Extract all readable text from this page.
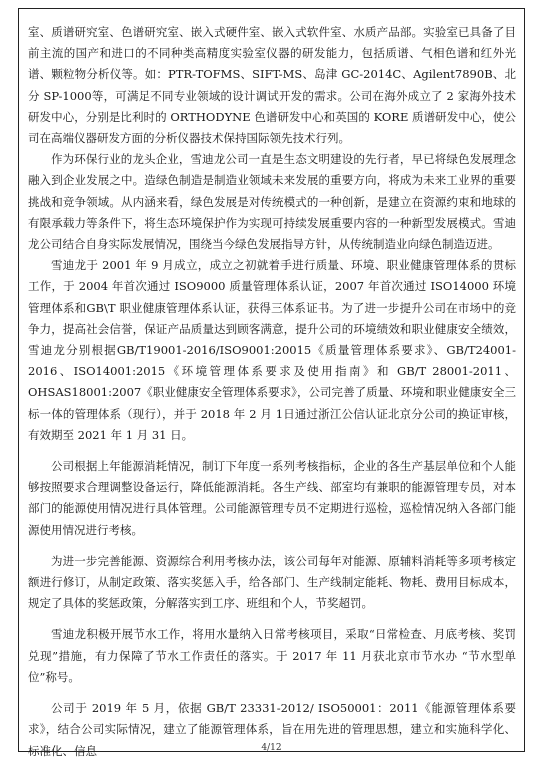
室、质谱研究室、色谱研究室、嵌入式硬件室、嵌入式软件室、水质产品部。实验室已具备了目前主流的国产和进口的不同种类高精度实验室仪器的研发能力，包括质谱、气相色谱和红外光谱、颗粒物分析仪等。如：PTR-TOFMS、SIFT-MS、岛津 GC-2014C、Agilent7890B、北分 SP-1000等，可满足不同专业领域的设计调试开发的需求。公司在海外成立了 2 家海外技术研发中心，分别是比利时的 ORTHODYNE 色谱研发中心和英国的 KORE 质谱研发中心，使公司在高端仪器研发方面的分析仪器技术保持国际领先技术行列。

作为环保行业的龙头企业，雪迪龙公司一直是生态文明建设的先行者，早已将绿色发展理念融入到企业发展之中。造绿色制造是制造业领域未来发展的重要方向，将成为未来工业界的重要挑战和竞争领域。从内涵来看，绿色发展是对传统模式的一种创新，是建立在资源约束和地球的有限承载力等条件下，将生态环境保护作为实现可持续发展重要内容的一种新型发展模式。雪迪龙公司结合自身实际发展情况，围绕当今绿色发展指导方针，从传统制造业向绿色制造迈进。

雪迪龙于 2001 年 9 月成立，成立之初就着手进行质量、环境、职业健康管理体系的贯标工作，于 2004 年首次通过 ISO9000 质量管理体系认证，2007 年首次通过 ISO14000 环境管理体系和GB\T 职业健康管理体系认证，获得三体系证书。为了进一步提升公司在市场中的竞争力，提高社会信誉，保证产品质量达到顾客满意，提升公司的环境绩效和职业健康安全绩效，雪迪龙分别根据GB/T19001-2016/ISO9001:20015《质量管理体系要求》、GB/T24001-2016、ISO14001:2015《环境管理体系要求及使用指南》和 GB/T 28001-2011、OHSAS18001:2007《职业健康安全管理体系要求》，公司完善了质量、环境和职业健康安全三标一体的管理体系（现行），并于 2018 年 2 月 1日通过浙江公信认证北京分公司的换证审核，有效期至 2021 年 1 月 31 日。

公司根据上年能源消耗情况，制订下年度一系列考核指标，企业的各生产基层单位和个人能够按照要求合理调整设备运行，降低能源消耗。各生产线、部室均有兼职的能源管理专员，对本部门的能源使用情况进行具体管理。公司能源管理专员不定期进行巡检，巡检情况纳入各部门能源使用情况进行考核。

为进一步完善能源、资源综合利用考核办法，该公司每年对能源、原辅料消耗等多项考核定额进行修订，从制定政策、落实奖惩入手，给各部门、生产线制定能耗、物耗、费用目标成本，规定了具体的奖惩政策，分解落实到工序、班组和个人，节奖超罚。

雪迪龙积极开展节水工作，将用水量纳入日常考核项目，采取“日常检查、月底考核、奖罚兑现”措施，有力保障了节水工作责任的落实。于 2017 年 11 月获北京市节水办 “节水型单位”称号。

公司于 2019 年 5 月，依据 GB/T 23331-2012/ ISO50001：2011《能源管理体系要求》，结合公司实际情况，建立了能源管理体系，旨在用先进的管理思想，建立和实施科学化、标准化、信息	4/12
